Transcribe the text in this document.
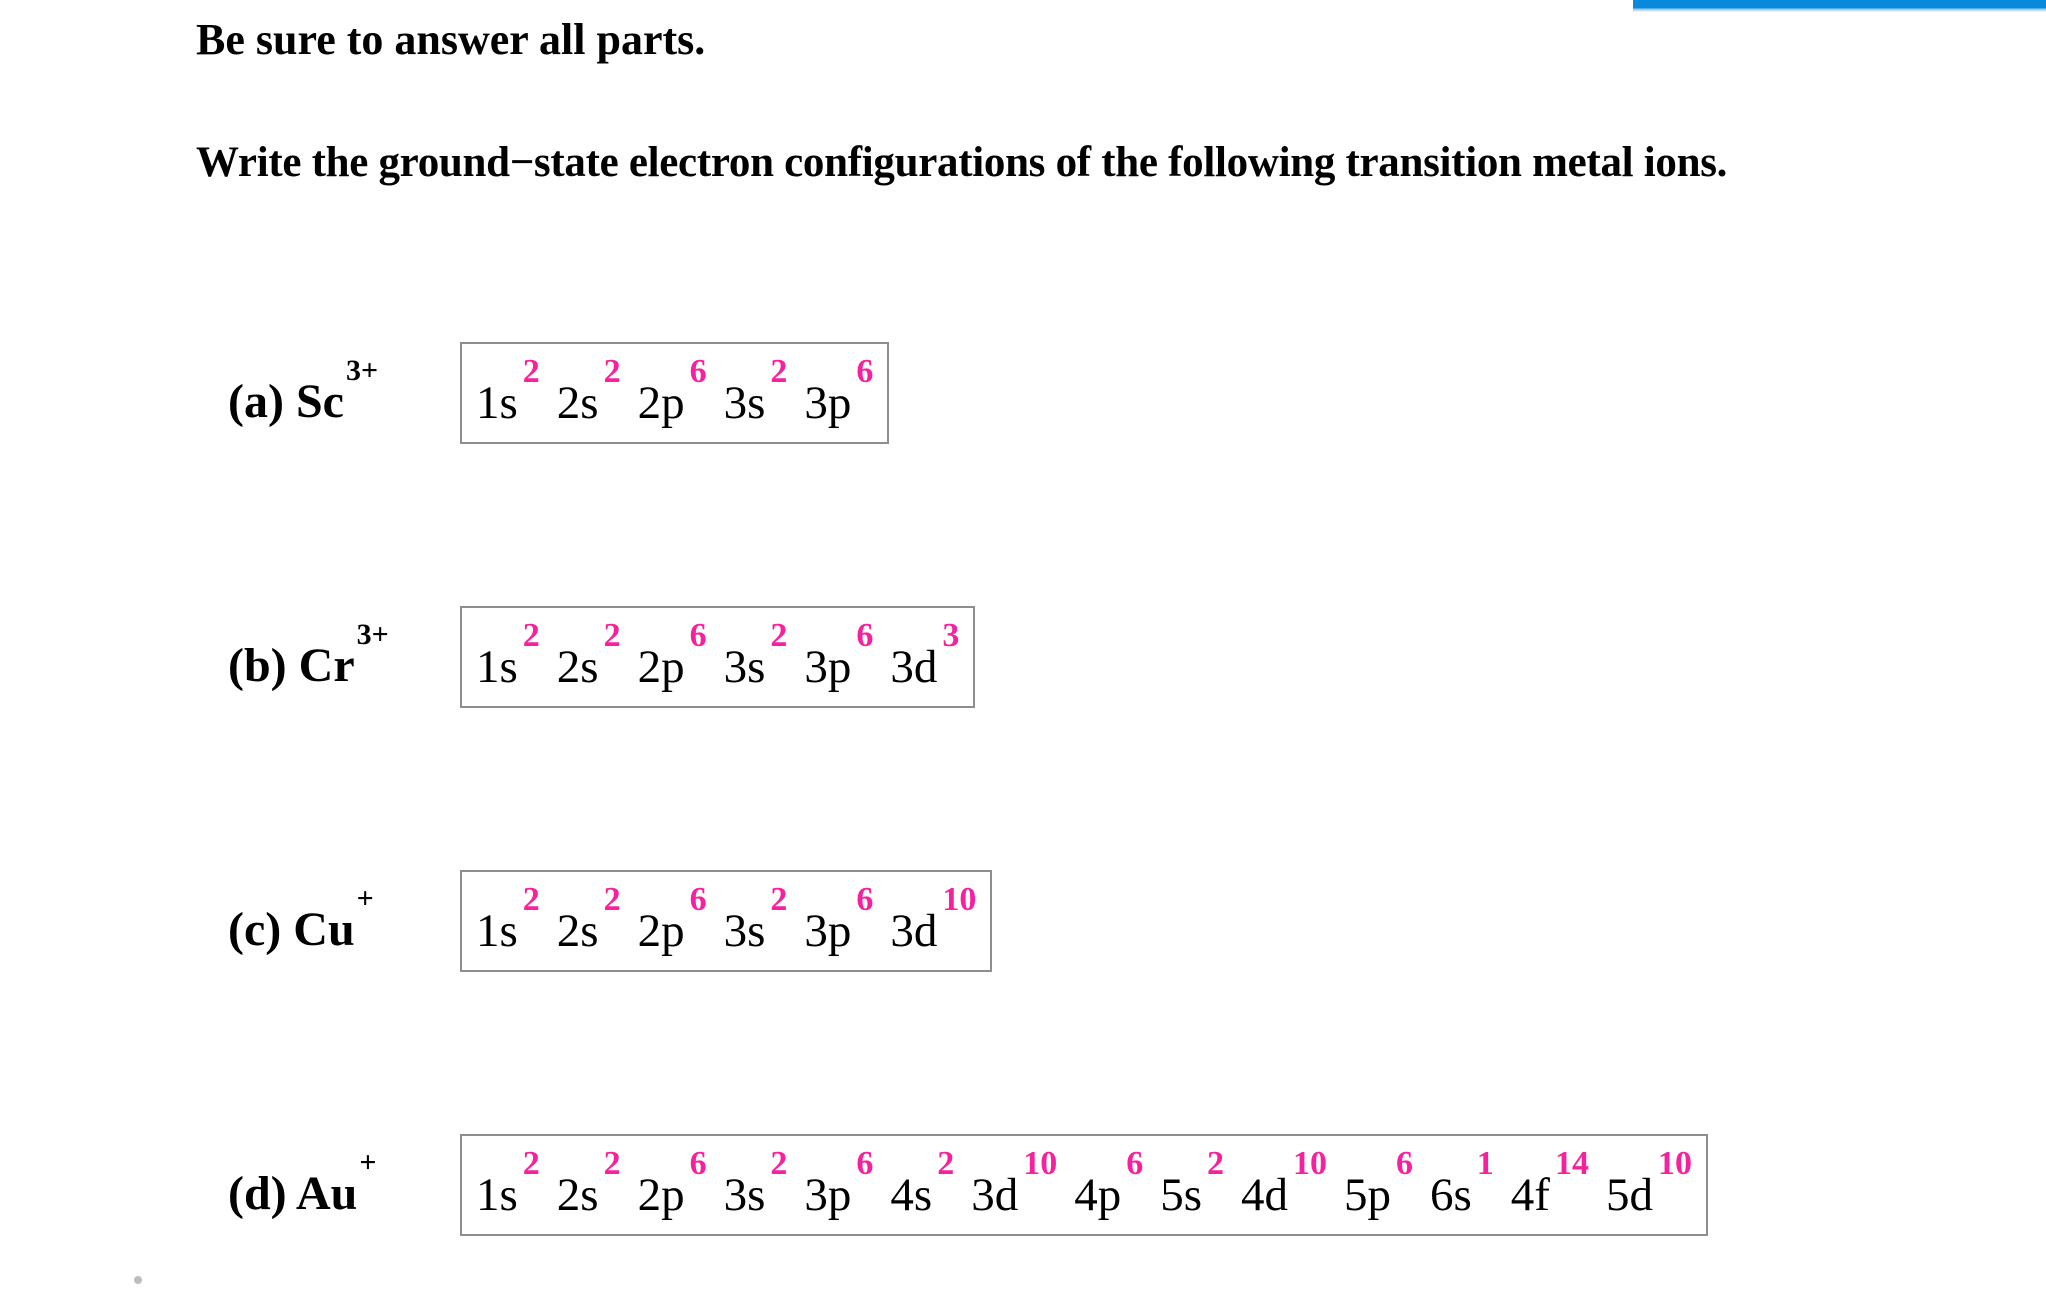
Be sure to answer all parts.

Write the ground−state electron configurations of the following transition metal ions.

(a) $Sc^{3+}$
1s
2
2s
2
2p
6
3s
2
3p
6
(b) $Cr^{3+}$
1s
2
2s
2
2p
6
3s
2
3p
6
3d
3
(c) Cu+
1s
2
2s
2
2p
6
3s
2
3p
6
3d
10
(d) Au+
1s
2
2s
2
2p
6
3s
2
3p
6
4s
2
3d
10
4p
6
5s
2
4d
10
5p
6
6s
1
4f
14
5d
10
